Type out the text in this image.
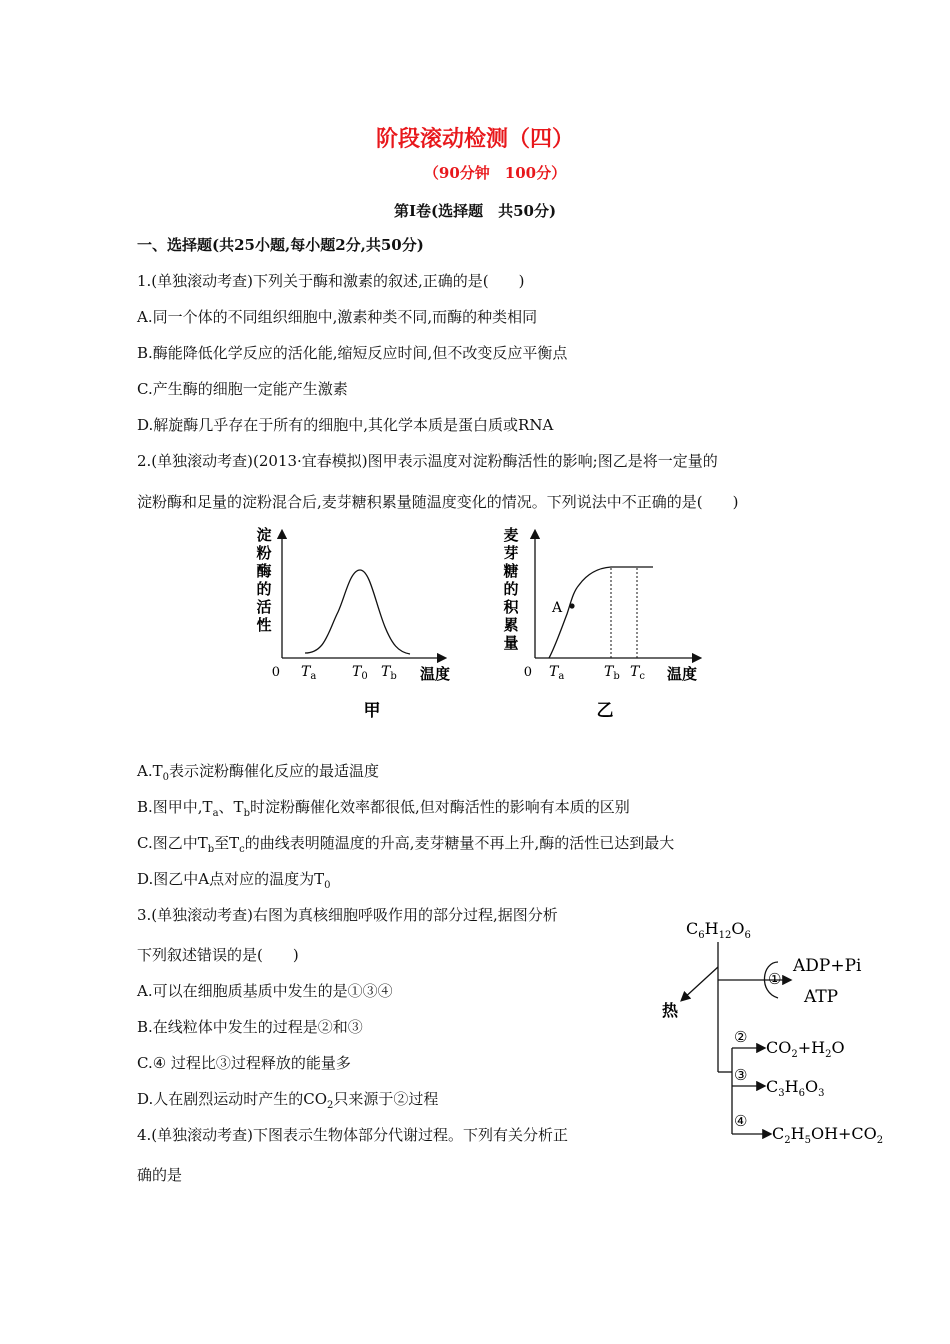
阶段滚动检测（四）
（90分钟　100分）
第Ⅰ卷(选择题　共50分)
一、选择题(共25小题,每小题2分,共50分)
1.(单独滚动考查)下列关于酶和激素的叙述,正确的是(　　)
A.同一个体的不同组织细胞中,激素种类不同,而酶的种类相同
B.酶能降低化学反应的活化能,缩短反应时间,但不改变反应平衡点
C.产生酶的细胞一定能产生激素
D.解旋酶几乎存在于所有的细胞中,其化学本质是蛋白质或RNA
2.(单独滚动考查)(2013·宜春模拟)图甲表示温度对淀粉酶活性的影响;图乙是将一定量的
淀粉酶和足量的淀粉混合后,麦芽糖积累量随温度变化的情况。下列说法中不正确的是(　　)
淀粉酶的活性
0 $T_a$	$T_0$ $T_b$ 温度
甲
麦芽糖的积累量
A
0 $T_a$	$T_b$ $T_c$ 温度
乙
$A.T_0$表示淀粉酶催化反应的最适温度
B.图甲中$,T_a$、$T_b$时淀粉酶催化效率都很低,但对酶活性的影响有本质的区别
C.图乙中$T_b$至$T_c$的曲线表明随温度的升高,麦芽糖量不再上升,酶的活性已达到最大
D.图乙中A点对应的温度为$T_0$
3.(单独滚动考查)右图为真核细胞呼吸作用的部分过程,据图分析
下列叙述错误的是(　　)
A.可以在细胞质基质中发生的是①③④
B.在线粒体中发生的过程是②和③
C.④ 过程比③过程释放的能量多
D.人在剧烈运动时产生的$CO_2$只来源于②过程
$C_6H_{12}O_6$
热
①
ADP+Pi
ATP
②
$CO_2+H_2O$
③
$C_3H_6O_3$
④
$C_2H_5OH+CO_2$
4.(单独滚动考查)下图表示生物体部分代谢过程。下列有关分析正
确的是
